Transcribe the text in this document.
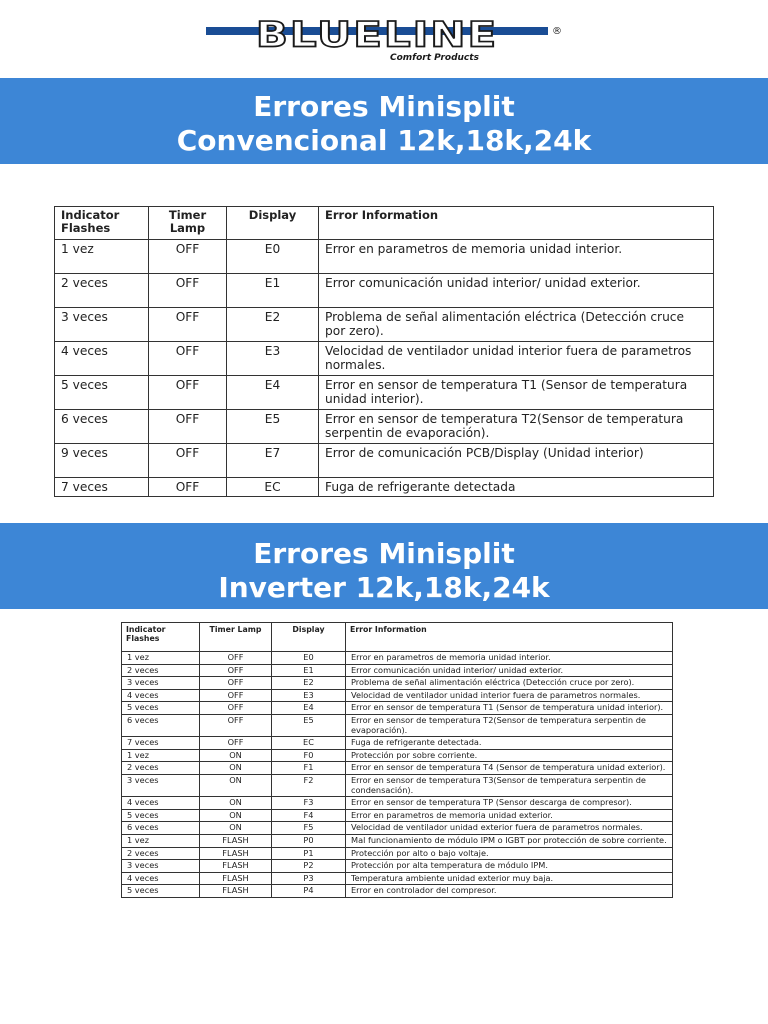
BLUELINE	®
Comfort Products
Errores Minisplit
Convencional 12k,18k,24k
Indicator Flashes	Timer Lamp	Display	Error Information
1 vez	OFF	E0	Error en parametros de memoria unidad interior.
2 veces	OFF	E1	Error comunicación unidad interior/ unidad exterior.
3 veces	OFF	E2	Problema de señal alimentación eléctrica (Detección cruce por zero).
4 veces	OFF	E3	Velocidad de ventilador unidad interior fuera de parametros normales.
5 veces	OFF	E4	Error en sensor de temperatura T1 (Sensor de temperatura unidad interior).
6 veces	OFF	E5	Error en sensor de temperatura T2(Sensor de temperatura serpentin de evaporación).
9 veces	OFF	E7	Error de comunicación PCB/Display (Unidad interior)
7 veces	OFF	EC	Fuga de refrigerante detectada
Errores Minisplit
Inverter 12k,18k,24k
Indicator Flashes	Timer Lamp	Display	Error Information
1 vez	OFF	E0	Error en parametros de memoria unidad interior.
2 veces	OFF	E1	Error comunicación unidad interior/ unidad exterior.
3 veces	OFF	E2	Problema de señal alimentación eléctrica (Detección cruce por zero).
4 veces	OFF	E3	Velocidad de ventilador unidad interior fuera de parametros normales.
5 veces	OFF	E4	Error en sensor de temperatura T1 (Sensor de temperatura unidad interior).
6 veces	OFF	E5	Error en sensor de temperatura T2(Sensor de temperatura serpentin de evaporación).
7 veces	OFF	EC	Fuga de refrigerante detectada.
1 vez	ON	F0	Protección por sobre corriente.
2 veces	ON	F1	Error en sensor de temperatura T4 (Sensor de temperatura unidad exterior).
3 veces	ON	F2	Error en sensor de temperatura T3(Sensor de temperatura serpentin de condensación).
4 veces	ON	F3	Error en sensor de temperatura TP (Sensor descarga de compresor).
5 veces	ON	F4	Error en parametros de memoria unidad exterior.
6 veces	ON	F5	Velocidad de ventilador unidad exterior fuera de parametros normales.
1 vez	FLASH	P0	Mal funcionamiento de módulo IPM o IGBT por protección de sobre corriente.
2 veces	FLASH	P1	Protección por alto o bajo voltaje.
3 veces	FLASH	P2	Protección por alta temperatura de módulo IPM.
4 veces	FLASH	P3	Temperatura ambiente unidad exterior muy baja.
5 veces	FLASH	P4	Error en controlador del compresor.
